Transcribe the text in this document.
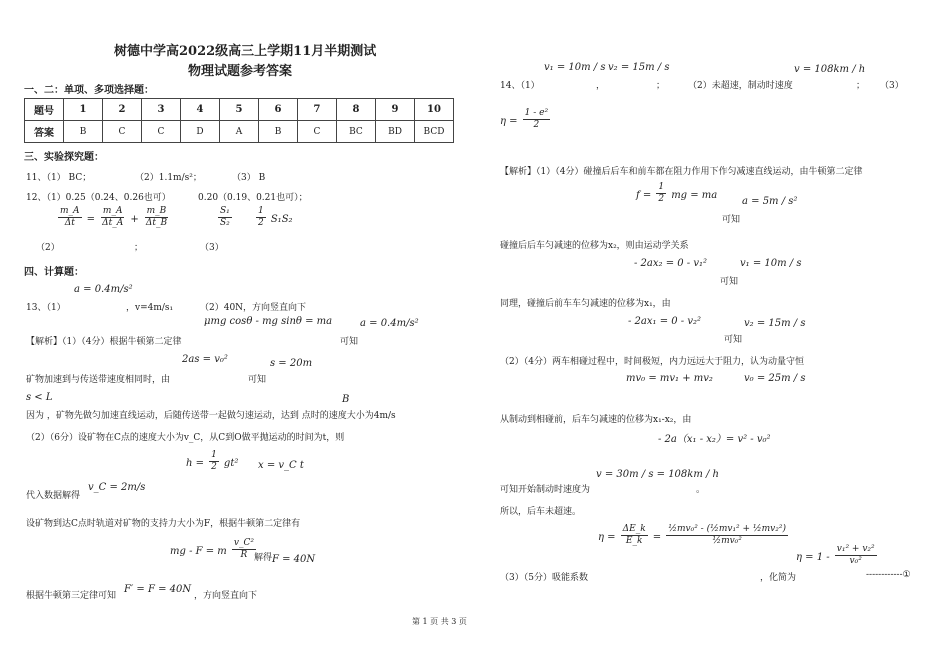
树德中学高2022级高三上学期11月半期测试
物理试题参考答案
一、二：单项、多项选择题：
题号	1	2	3	4	5	6	7	8	9	10
答案	B	C	C	D	A	B	C	BC	BD	BCD
三、实验探究题：
11、（1） BC；	（2）1.1m/s²；	（3） B
12、（1）0.25（0.24、0.26也可）	0.20（0.19、0.21也可）；
$\frac{m\_A}{\Delta t} = \frac{m\_A}{\Delta t\_A} + \frac{m\_B}{\Delta t\_B}$	$\frac{\text{S₁}}{\text{S₂}}$	$\frac{1}{2} S_1S_2$
（2）	；	（3）
四、计算题：
a = 0.4m/s²
13、（1）	，v=4m/s₁	（2）40N，方向竖直向下
μmg cosθ - mg sinθ = ma	a = 0.4m/s²
【解析】（1）（4分）根据牛顿第二定律	可知
2as = v₀²	s = 20m
矿物加速到与传送带速度相同时，由	可知
s < L	B
因为 ，矿物先做匀加速直线运动，后随传送带一起做匀速运动，达到 点时的速度大小为4m/s
（2）（6分）设矿物在C点的速度大小为v_C，从C到O做平抛运动的时间为t，则
$h = \frac{1}{2} gt^2$ x = v_C t
代入数据解得
v_C = 2m/s
设矿物到达C点时轨道对矿物的支持力大小为F，根据牛顿第二定律有
mg - F = m $\frac{\text{v\_C²}}{R}$
解得 F = 40N
根据牛顿第三定律可知
F′ = F = 40N
，方向竖直向下
v₁ = 10m / s v₂ = 15m / s	v = 108km / h
14、（1）	，	；	（2）未超速，制动时速度	； （3）
$\eta = \frac{\text{1 - e²}}{2}$
【解析】（1）（4分）碰撞后后车和前车都在阻力作用下作匀减速直线运动，由牛顿第二定律
$f = \frac{1}{2}$ mg = ma
a = 5m / s²
可知
碰撞后后车匀减速的位移为x₂，则由运动学关系
- 2ax₂ = 0 - v₁²	v₁ = 10m / s
可知
同理，碰撞后前车车匀减速的位移为x₁，由
- 2ax₁ = 0 - v₂²	v₂ = 15m / s
可知
（2）（4分）两车相碰过程中，时间极短，内力远远大于阻力，认为动量守恒
mv₀ = mv₁ + mv₂	v₀ = 25m / s
从制动到相碰前，后车匀减速的位移为x₁-x₂，由
- 2a（x₁ - x₂）= v² - v₀²
v = 30m / s = 108km / h
可知开始制动时速度为	。
所以，后车未超速。
$\eta = \frac{\Delta E\_k}{E\_k} = \frac{\text{½mv₀² - (½mv₁² + ½mv₂²)}}{\text{½mv₀²}}$
$\eta = 1 - \frac{\text{v₁² + v₂²}}{\text{v₀²}}$
（3）（5分）吸能系数	，化简为	------------①
第 1 页 共 3 页
